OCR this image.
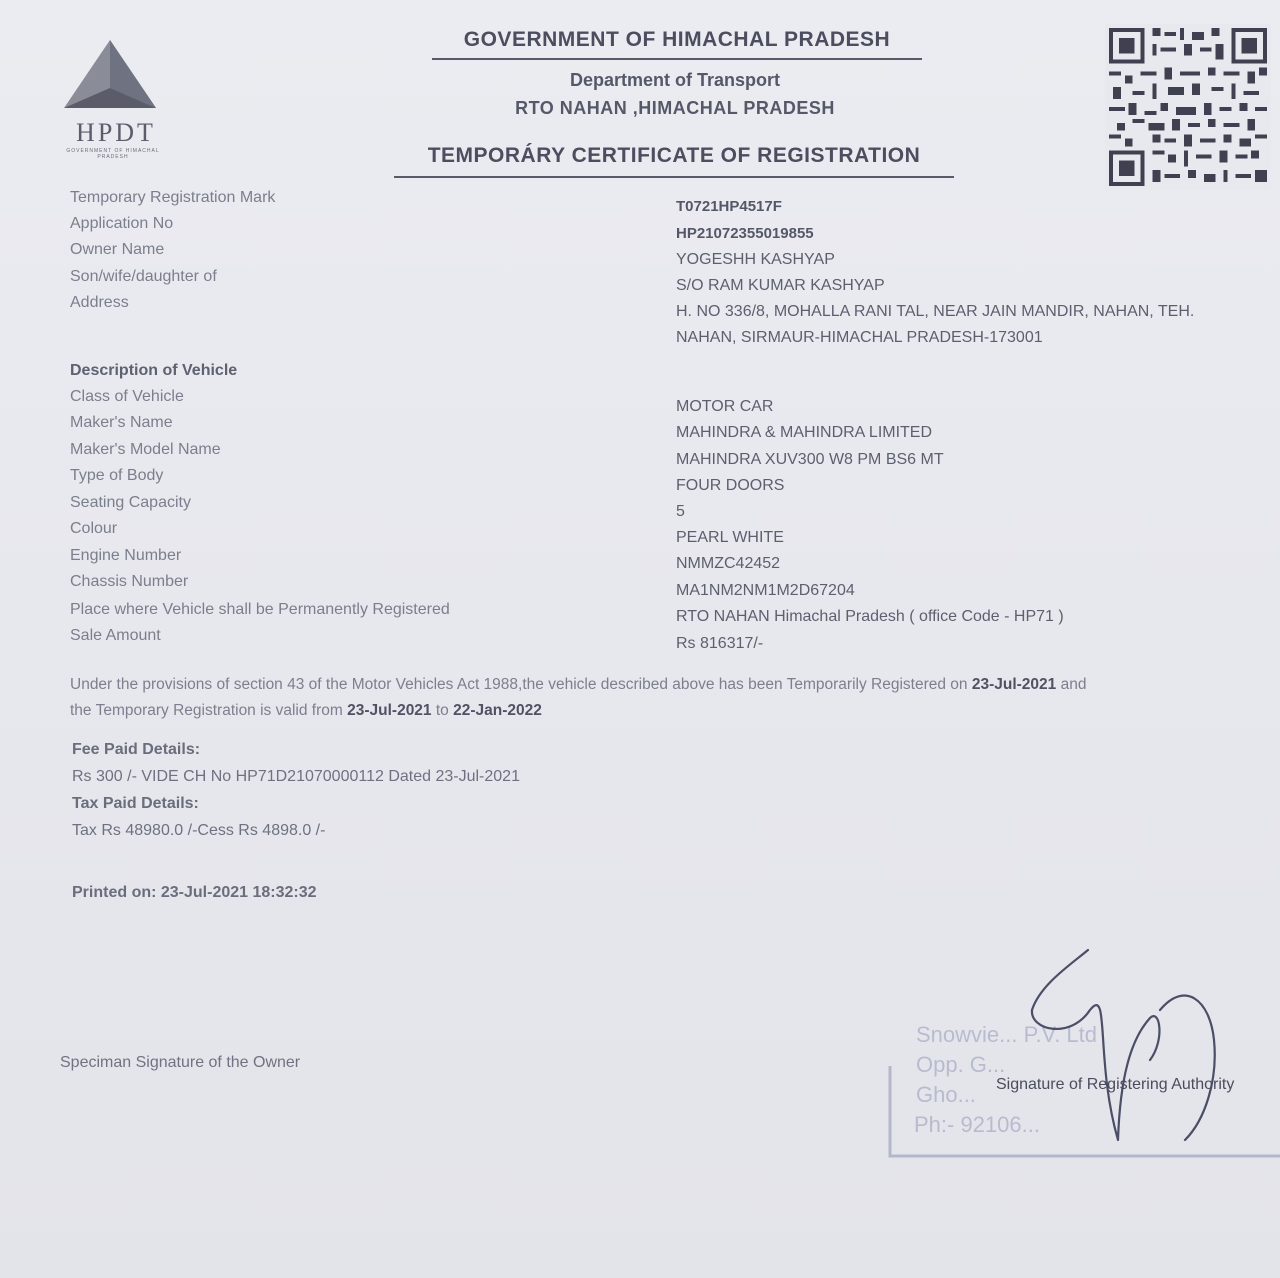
HPDT
GOVERNMENT OF HIMACHAL PRADESH
GOVERNMENT OF HIMACHAL PRADESH
Department of Transport
RTO NAHAN ,HIMACHAL PRADESH
TEMPORÁRY CERTIFICATE OF REGISTRATION
Temporary Registration Mark
Application No
Owner Name
Son/wife/daughter of
Address
Description of Vehicle
Class of Vehicle
Maker's Name
Maker's Model Name
Type of Body
Seating Capacity
Colour
Engine Number
Chassis Number
Place where Vehicle shall be Permanently Registered
Sale Amount
T0721HP4517F
HP21072355019855
YOGESHH KASHYAP
S/O RAM KUMAR KASHYAP
H. NO 336/8, MOHALLA RANI TAL, NEAR JAIN MANDIR, NAHAN, TEH.
NAHAN, SIRMAUR-HIMACHAL PRADESH-173001
MOTOR CAR
MAHINDRA & MAHINDRA LIMITED
MAHINDRA XUV300 W8 PM BS6 MT
FOUR DOORS
5
PEARL WHITE
NMMZC42452
MA1NM2NM1M2D67204
RTO NAHAN Himachal Pradesh ( office Code - HP71 )
Rs 816317/-
Under the provisions of section 43 of the Motor Vehicles Act 1988,the vehicle described above has been Temporarily Registered on 23-Jul-2021 and
the Temporary Registration is valid from 23-Jul-2021 to 22-Jan-2022
Fee Paid Details:
Rs 300 /- VIDE CH No HP71D21070000112 Dated 23-Jul-2021
Tax Paid Details:
Tax Rs 48980.0 /-Cess Rs 4898.0 /-
Printed on: 23-Jul-2021 18:32:32
Speciman Signature of the Owner
Snowvie... P.V. Ltd
Opp. G...
Gho...
Ph:- 92106...
Signature of Registering Authority
